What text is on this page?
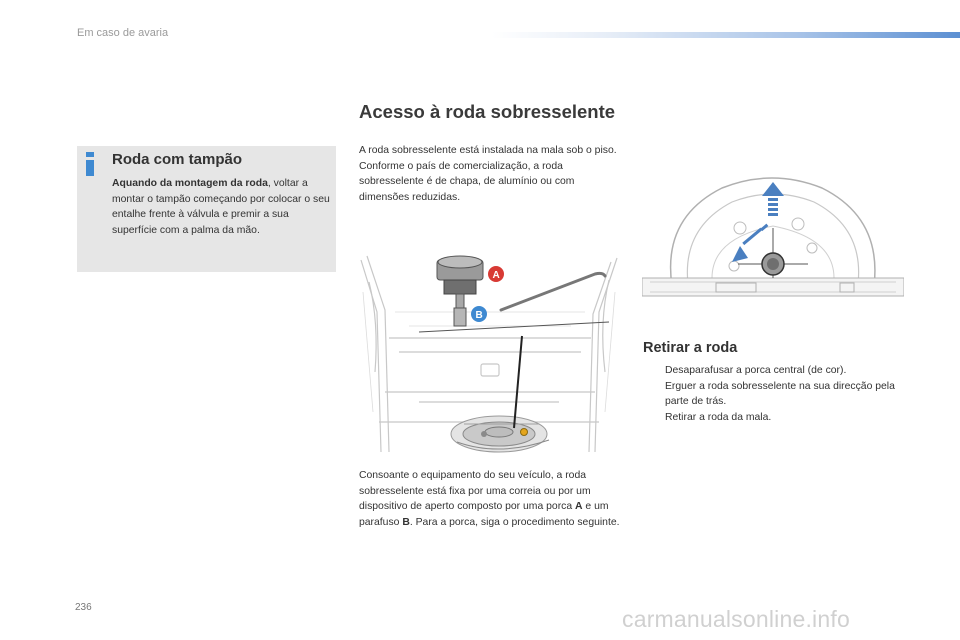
Em caso de avaria
Roda com tampão
Aquando da montagem da roda, voltar a montar o tampão começando por colocar o seu entalhe frente à válvula e premir a sua superfície com a palma da mão.
Acesso à roda sobresselente
A roda sobresselente está instalada na mala sob o piso.
Conforme o país de comercialização, a roda sobresselente é de chapa, de alumínio ou com dimensões reduzidas.
A
B
Consoante o equipamento do seu veículo, a roda sobresselente está fixa por uma correia ou por um dispositivo de aperto composto por uma porca A e um parafuso B. Para a porca, siga o procedimento seguinte.
Retirar a roda
Desaparafusar a porca central (de cor).
Erguer a roda sobresselente na sua direcção pela parte de trás.
Retirar a roda da mala.
236	carmanualsonline.info
